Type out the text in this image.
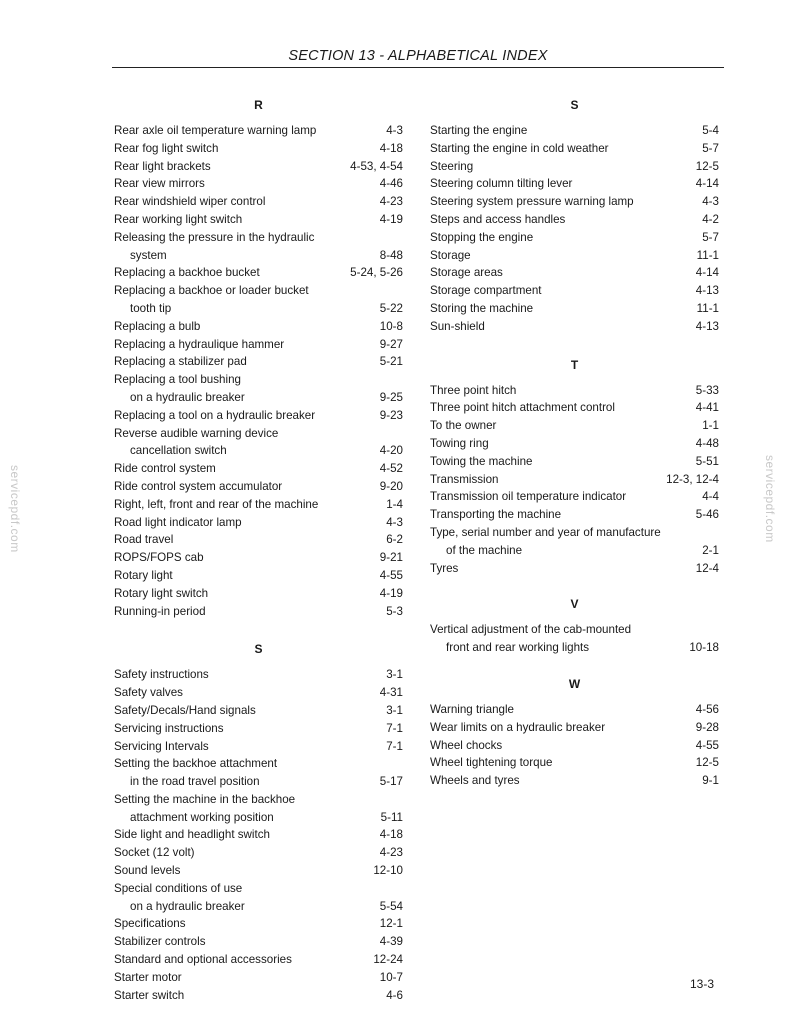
SECTION 13 - ALPHABETICAL INDEX
R
Rear axle oil temperature warning lamp	4-3
Rear fog light switch	4-18
Rear light brackets	4-53, 4-54
Rear view mirrors	4-46
Rear windshield wiper control	4-23
Rear working light switch	4-19
Releasing the pressure in the hydraulic
system	8-48
Replacing a backhoe bucket	5-24, 5-26
Replacing a backhoe or loader bucket
tooth tip	5-22
Replacing a bulb	10-8
Replacing a hydraulique hammer	9-27
Replacing a stabilizer pad	5-21
Replacing a tool bushing
on a hydraulic breaker	9-25
Replacing a tool on a hydraulic breaker	9-23
Reverse audible warning device
cancellation switch	4-20
Ride control system	4-52
Ride control system accumulator	9-20
Right, left, front and rear of the machine	1-4
Road light indicator lamp	4-3
Road travel	6-2
ROPS/FOPS cab	9-21
Rotary light	4-55
Rotary light switch	4-19
Running-in period	5-3
S
Safety instructions	3-1
Safety valves	4-31
Safety/Decals/Hand signals	3-1
Servicing instructions	7-1
Servicing Intervals	7-1
Setting the backhoe attachment
in the road travel position	5-17
Setting the machine in the backhoe
attachment working position	5-11
Side light and headlight switch	4-18
Socket (12 volt)	4-23
Sound levels	12-10
Special conditions of use
on a hydraulic breaker	5-54
Specifications	12-1
Stabilizer controls	4-39
Standard and optional accessories	12-24
Starter motor	10-7
Starter switch	4-6
S
Starting the engine	5-4
Starting the engine in cold weather	5-7
Steering	12-5
Steering column tilting lever	4-14
Steering system pressure warning lamp	4-3
Steps and access handles	4-2
Stopping the engine	5-7
Storage	11-1
Storage areas	4-14
Storage compartment	4-13
Storing the machine	11-1
Sun-shield	4-13
T
Three point hitch	5-33
Three point hitch attachment control	4-41
To the owner	1-1
Towing ring	4-48
Towing the machine	5-51
Transmission	12-3, 12-4
Transmission oil temperature indicator	4-4
Transporting the machine	5-46
Type, serial number and year of manufacture
of the machine	2-1
Tyres	12-4
V
Vertical adjustment of the cab-mounted
front and rear working lights	10-18
W
Warning triangle	4-56
Wear limits on a hydraulic breaker	9-28
Wheel chocks	4-55
Wheel tightening torque	12-5
Wheels and tyres	9-1
servicepdf.com	servicepdf.com
13-3
